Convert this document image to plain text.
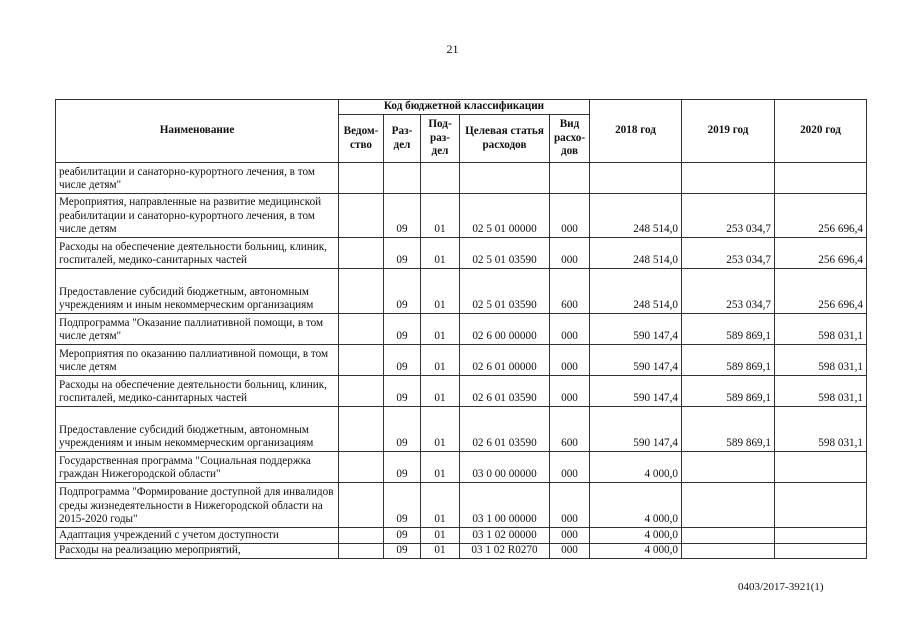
21
Наименование	Код бюджетной классификации					2018 год	2019 год	2020 год
	Ведом-ство	Раз-дел	Под-раз-дел	Целевая статья расходов	Вид расхо-дов			
реабилитации и санаторно-курортного лечения, в том числе детям"								
Мероприятия, направленные на развитие медицинской реабилитации и санаторно-курортного лечения, в том числе детям		09	01	02 5 01 00000	000	248 514,0	253 034,7	256 696,4
Расходы на обеспечение деятельности больниц, клиник, госпиталей, медико-санитарных частей		09	01	02 5 01 03590	000	248 514,0	253 034,7	256 696,4
Предоставление субсидий бюджетным, автономным учреждениям и иным некоммерческим организациям		09	01	02 5 01 03590	600	248 514,0	253 034,7	256 696,4
Подпрограмма "Оказание паллиативной помощи, в том числе детям"		09	01	02 6 00 00000	000	590 147,4	589 869,1	598 031,1
Мероприятия по оказанию паллиативной помощи, в том числе детям		09	01	02 6 01 00000	000	590 147,4	589 869,1	598 031,1
Расходы на обеспечение деятельности больниц, клиник, госпиталей, медико-санитарных частей		09	01	02 6 01 03590	000	590 147,4	589 869,1	598 031,1
Предоставление субсидий бюджетным, автономным учреждениям и иным некоммерческим организациям		09	01	02 6 01 03590	600	590 147,4	589 869,1	598 031,1
Государственная программа "Социальная поддержка граждан Нижегородской области"		09	01	03 0 00 00000	000	4 000,0		
Подпрограмма "Формирование доступной для инвалидов среды жизнедеятельности в Нижегородской области на 2015-2020 годы"		09	01	03 1 00 00000	000	4 000,0		
Адаптация учреждений с учетом доступности		09	01	03 1 02 00000	000	4 000,0		
Расходы на реализацию мероприятий,		09	01	03 1 02 R0270	000	4 000,0		
0403/2017-3921(1)
